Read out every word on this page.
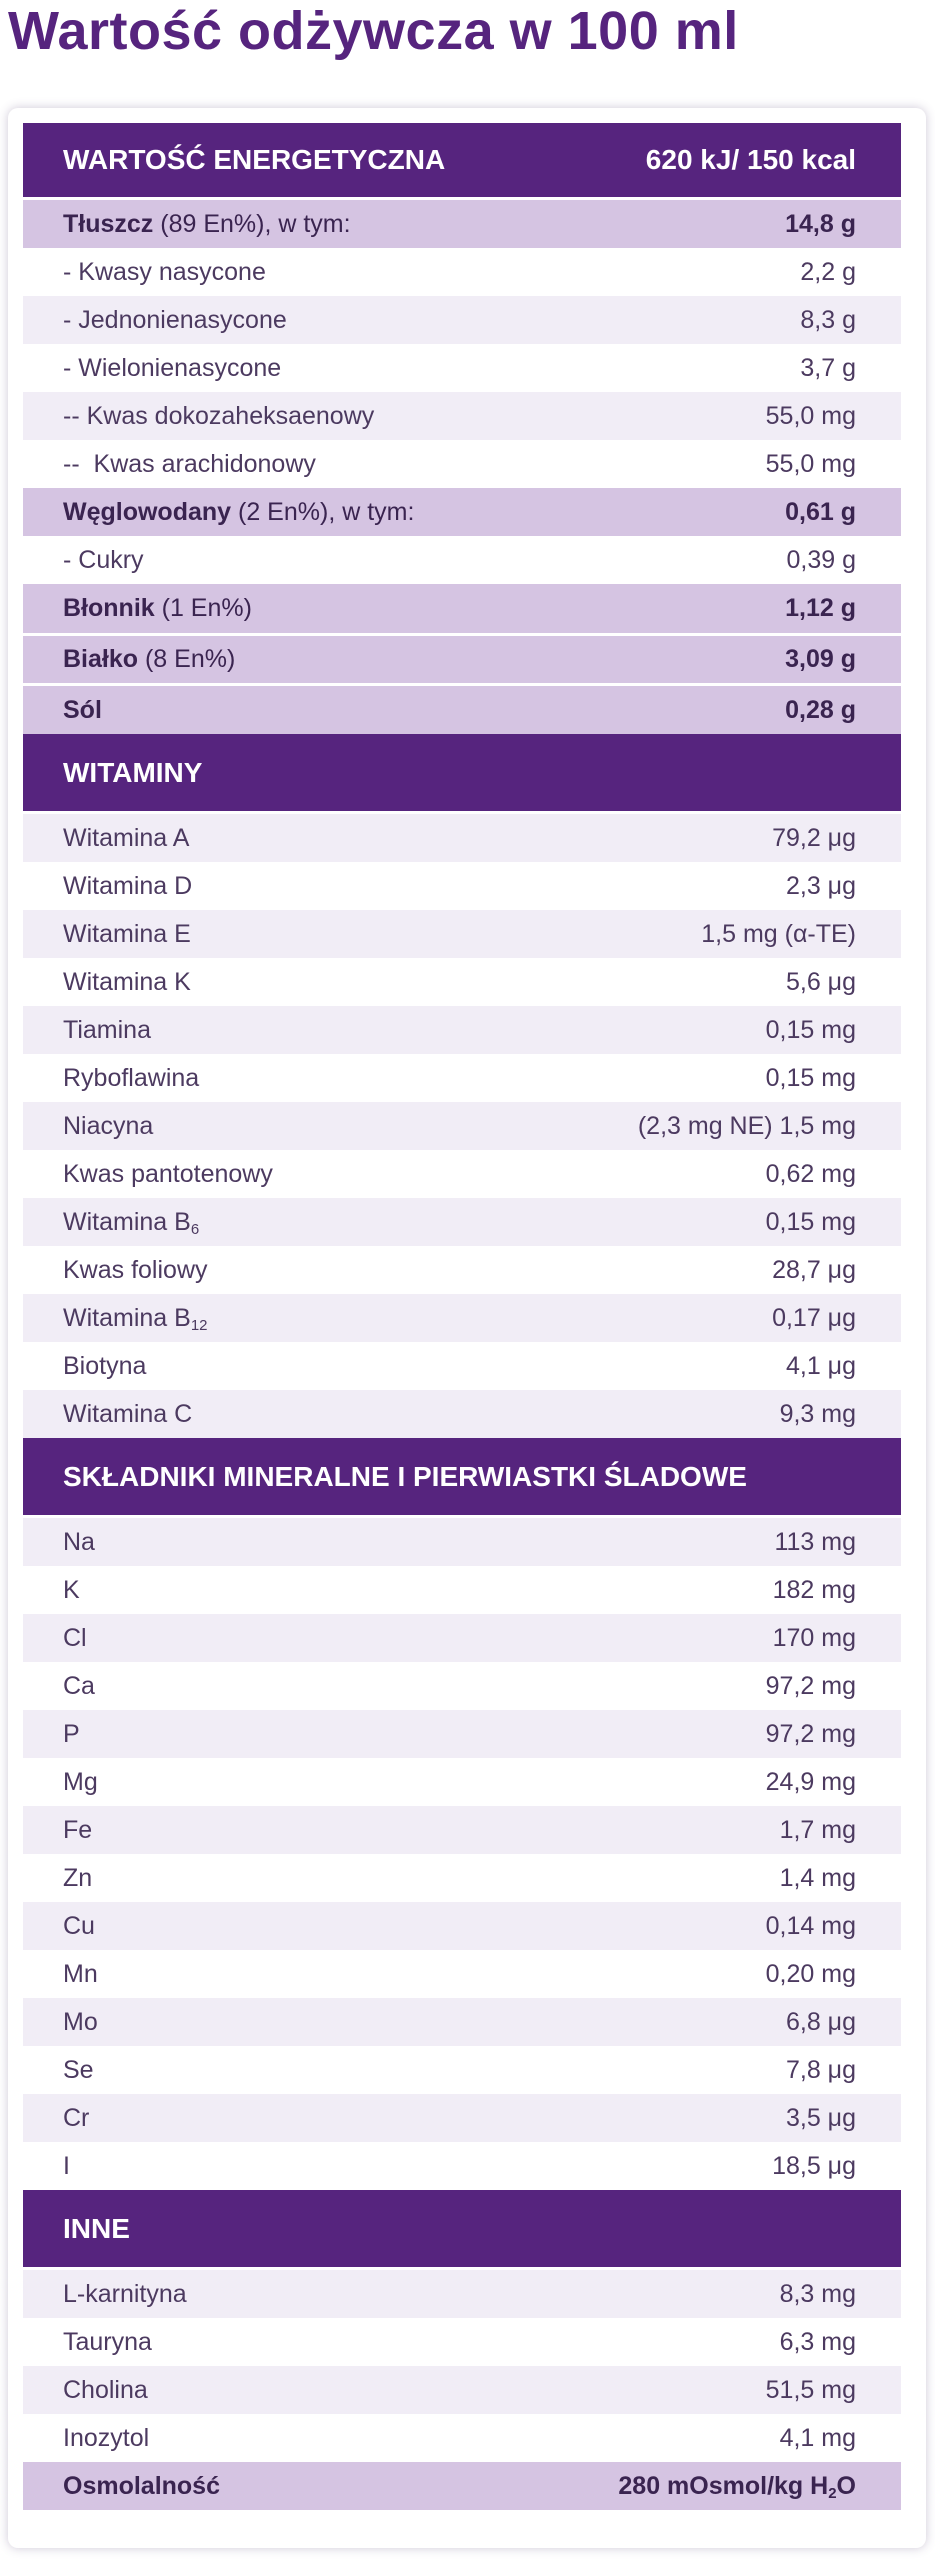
Wartość odżywcza w 100 ml
WARTOŚĆ ENERGETYCZNA	620 kJ/ 150 kcal
Tłuszcz (89 En%), w tym:	14,8 g
- Kwasy nasycone	2,2 g
- Jednonienasycone	8,3 g
- Wielonienasycone	3,7 g
-- Kwas dokozaheksaenowy	55,0 mg
--  Kwas arachidonowy	55,0 mg
Węglowodany (2 En%), w tym:	0,61 g
- Cukry	0,39 g
Błonnik (1 En%)	1,12 g
Białko (8 En%)	3,09 g
Sól	0,28 g
WITAMINY
Witamina A	79,2 μg
Witamina D	2,3 μg
Witamina E	1,5 mg (α-TE)
Witamina K	5,6 μg
Tiamina	0,15 mg
Ryboflawina	0,15 mg
Niacyna	(2,3 mg NE) 1,5 mg
Kwas pantotenowy	0,62 mg
Witamina $B_6$	0,15 mg
Kwas foliowy	28,7 μg
Witamina $B_{12}$	0,17 μg
Biotyna	4,1 μg
Witamina C	9,3 mg
SKŁADNIKI MINERALNE I PIERWIASTKI ŚLADOWE
Na	113 mg
K	182 mg
Cl	170 mg
Ca	97,2 mg
P	97,2 mg
Mg	24,9 mg
Fe	1,7 mg
Zn	1,4 mg
Cu	0,14 mg
Mn	0,20 mg
Mo	6,8 μg
Se	7,8 μg
Cr	3,5 μg
I	18,5 μg
INNE
L-karnityna	8,3 mg
Tauryna	6,3 mg
Cholina	51,5 mg
Inozytol	4,1 mg
Osmolalność	280 mOsmol/kg $H_2O$
